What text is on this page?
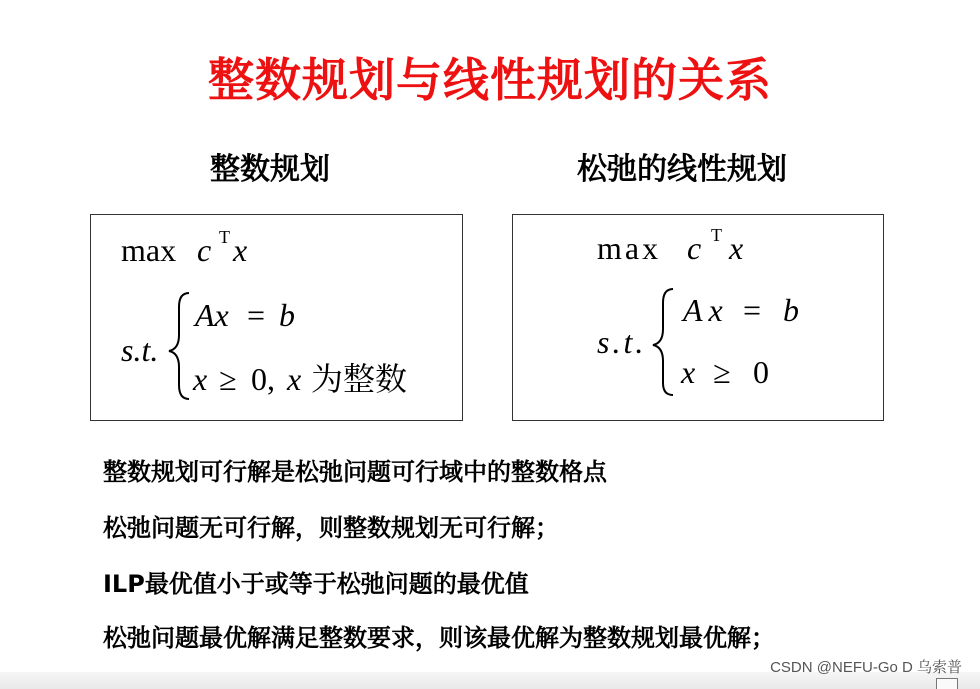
整数规划与线性规划的关系
整数规划	松弛的线性规划
max c T x
s.t.
Ax = b
x ≥ 0, x 为整数
max c T x
s.t.
Ax = b
x ≥ 0
整数规划可行解是松弛问题可行域中的整数格点
松弛问题无可行解，则整数规划无可行解；
ILP最优值小于或等于松弛问题的最优值
松弛问题最优解满足整数要求，则该最优解为整数规划最优解；
CSDN @NEFU-Go D 乌索普
